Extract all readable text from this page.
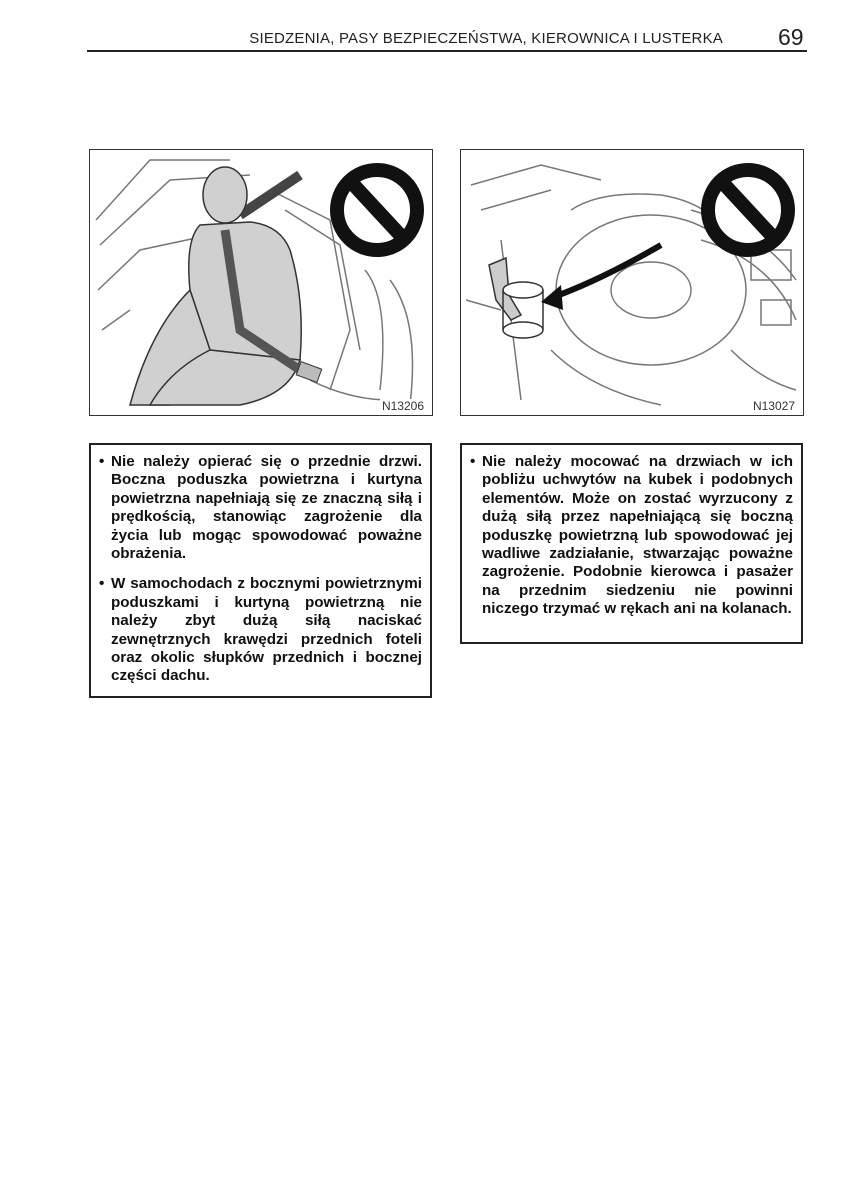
SIEDZENIA, PASY BEZPIECZEŃSTWA, KIEROWNICA I LUSTERKA 69
N13206	N13027

• Nie należy opierać się o przednie drzwi. Boczna poduszka powietrzna i kurtyna powietrzna napełniają się ze znaczną siłą i prędkością, stanowiąc zagrożenie dla życia lub mogąc spowodować poważne obrażenia.

• W samochodach z bocznymi powietrznymi poduszkami i kurtyną powietrzną nie należy zbyt dużą siłą naciskać zewnętrznych krawędzi przednich foteli oraz okolic słupków przednich i bocznej części dachu.

• Nie należy mocować na drzwiach w ich pobliżu uchwytów na kubek i podobnych elementów. Może on zostać wyrzucony z dużą siłą przez napełniającą się boczną poduszkę powietrzną lub spowodować jej wadliwe zadziałanie, stwarzając poważne zagrożenie. Podobnie kierowca i pasażer na przednim siedzeniu nie powinni niczego trzymać w rękach ani na kolanach.
